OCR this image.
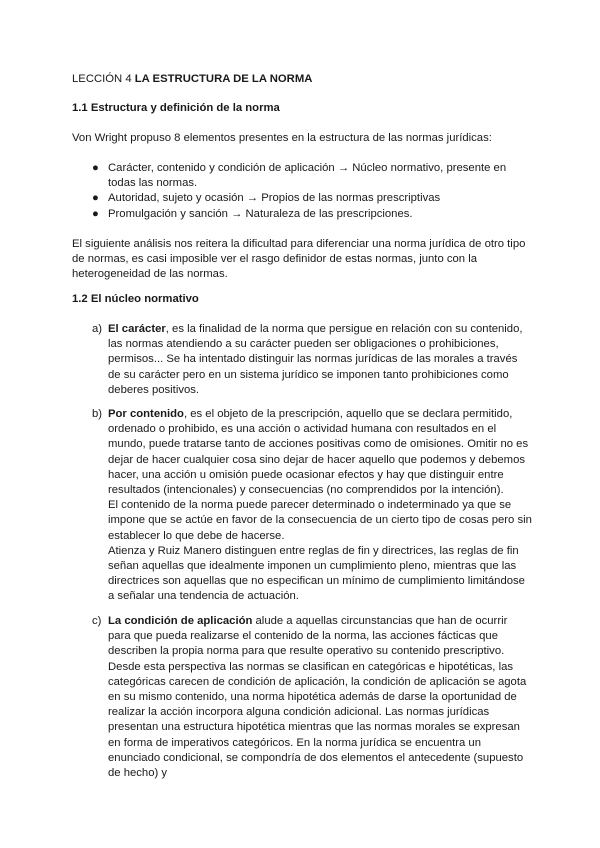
LECCIÓN 4 LA ESTRUCTURA DE LA NORMA
1.1 Estructura y definición de la norma

Von Wright propuso 8 elementos presentes en la estructura de las normas jurídicas:

● Carácter, contenido y condición de aplicación → Núcleo normativo, presente en todas las normas.
● Autoridad, sujeto y ocasión → Propios de las normas prescriptivas
● Promulgación y sanción → Naturaleza de las prescripciones.

El siguiente análisis nos reitera la dificultad para diferenciar una norma jurídica de otro tipo de normas, es casi imposible ver el rasgo definidor de estas normas, junto con la heterogeneidad de las normas.

1.2 El núcleo normativo
a) El carácter, es la finalidad de la norma que persigue en relación con su contenido, las normas atendiendo a su carácter pueden ser obligaciones o prohibiciones, permisos... Se ha intentado distinguir las normas jurídicas de las morales a través de su carácter pero en un sistema jurídico se imponen tanto prohibiciones como deberes positivos.

b) Por contenido, es el objeto de la prescripción, aquello que se declara permitido, ordenado o prohibido, es una acción o actividad humana con resultados en el mundo, puede tratarse tanto de acciones positivas como de omisiones. Omitir no es dejar de hacer cualquier cosa sino dejar de hacer aquello que podemos y debemos hacer, una acción u omisión puede ocasionar efectos y hay que distinguir entre resultados (intencionales) y consecuencias (no comprendidos por la intención).

El contenido de la norma puede parecer determinado o indeterminado ya que se impone que se actúe en favor de la consecuencia de un cierto tipo de cosas pero sin establecer lo que debe de hacerse.

Atienza y Ruiz Manero distinguen entre reglas de fin y directrices, las reglas de fin señan aquellas que idealmente imponen un cumplimiento pleno, mientras que las directrices son aquellas que no especifican un mínimo de cumplimiento limitándose a señalar una tendencia de actuación.

c) La condición de aplicación alude a aquellas circunstancias que han de ocurrir para que pueda realizarse el contenido de la norma, las acciones fácticas que describen la propia norma para que resulte operativo su contenido prescriptivo. Desde esta perspectiva las normas se clasifican en categóricas e hipotéticas, las categóricas carecen de condición de aplicación, la condición de aplicación se agota en su mismo contenido, una norma hipotética además de darse la oportunidad de realizar la acción incorpora alguna condición adicional. Las normas jurídicas presentan una estructura hipotética mientras que las normas morales se expresan en forma de imperativos categóricos. En la norma jurídica se encuentra un enunciado condicional, se compondría de dos elementos el antecedente (supuesto de hecho) y
